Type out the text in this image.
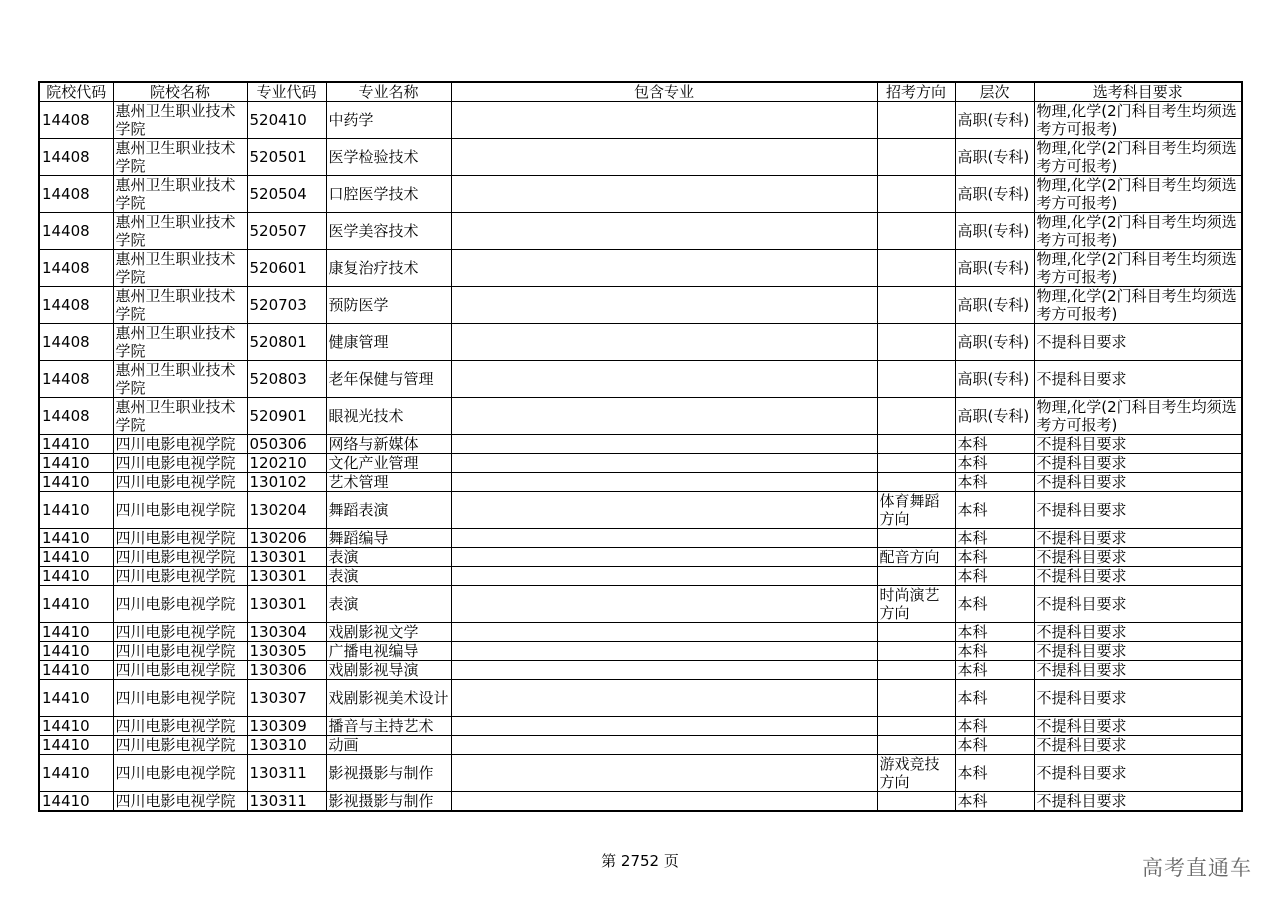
院校代码	院校名称	专业代码	专业名称	包含专业	招考方向	层次	选考科目要求

14408	惠州卫生职业技术学院	520410	中药学			高职(专科)	物理,化学(2门科目考生均须选考方可报考)

14408	惠州卫生职业技术学院	520501	医学检验技术			高职(专科)	物理,化学(2门科目考生均须选考方可报考)

14408	惠州卫生职业技术学院	520504	口腔医学技术			高职(专科)	物理,化学(2门科目考生均须选考方可报考)

14408	惠州卫生职业技术学院	520507	医学美容技术			高职(专科)	物理,化学(2门科目考生均须选考方可报考)

14408	惠州卫生职业技术学院	520601	康复治疗技术			高职(专科)	物理,化学(2门科目考生均须选考方可报考)

14408	惠州卫生职业技术学院	520703	预防医学			高职(专科)	物理,化学(2门科目考生均须选考方可报考)

14408	惠州卫生职业技术学院	520801	健康管理			高职(专科)	不提科目要求

14408	惠州卫生职业技术学院	520803	老年保健与管理			高职(专科)	不提科目要求

14408	惠州卫生职业技术学院	520901	眼视光技术			高职(专科)	物理,化学(2门科目考生均须选考方可报考)

14410	四川电影电视学院	050306	网络与新媒体			本科	不提科目要求

14410	四川电影电视学院	120210	文化产业管理			本科	不提科目要求

14410	四川电影电视学院	130102	艺术管理			本科	不提科目要求

14410	四川电影电视学院	130204	舞蹈表演		体育舞蹈方向	本科	不提科目要求

14410	四川电影电视学院	130206	舞蹈编导			本科	不提科目要求

14410	四川电影电视学院	130301	表演		配音方向	本科	不提科目要求

14410	四川电影电视学院	130301	表演			本科	不提科目要求

14410	四川电影电视学院	130301	表演		时尚演艺方向	本科	不提科目要求

14410	四川电影电视学院	130304	戏剧影视文学			本科	不提科目要求

14410	四川电影电视学院	130305	广播电视编导			本科	不提科目要求

14410	四川电影电视学院	130306	戏剧影视导演			本科	不提科目要求

14410	四川电影电视学院	130307	戏剧影视美术设计			本科	不提科目要求

14410	四川电影电视学院	130309	播音与主持艺术			本科	不提科目要求

14410	四川电影电视学院	130310	动画			本科	不提科目要求

14410	四川电影电视学院	130311	影视摄影与制作		游戏竞技方向	本科	不提科目要求

14410	四川电影电视学院	130311	影视摄影与制作			本科	不提科目要求
第 2752 页	高考直通车
